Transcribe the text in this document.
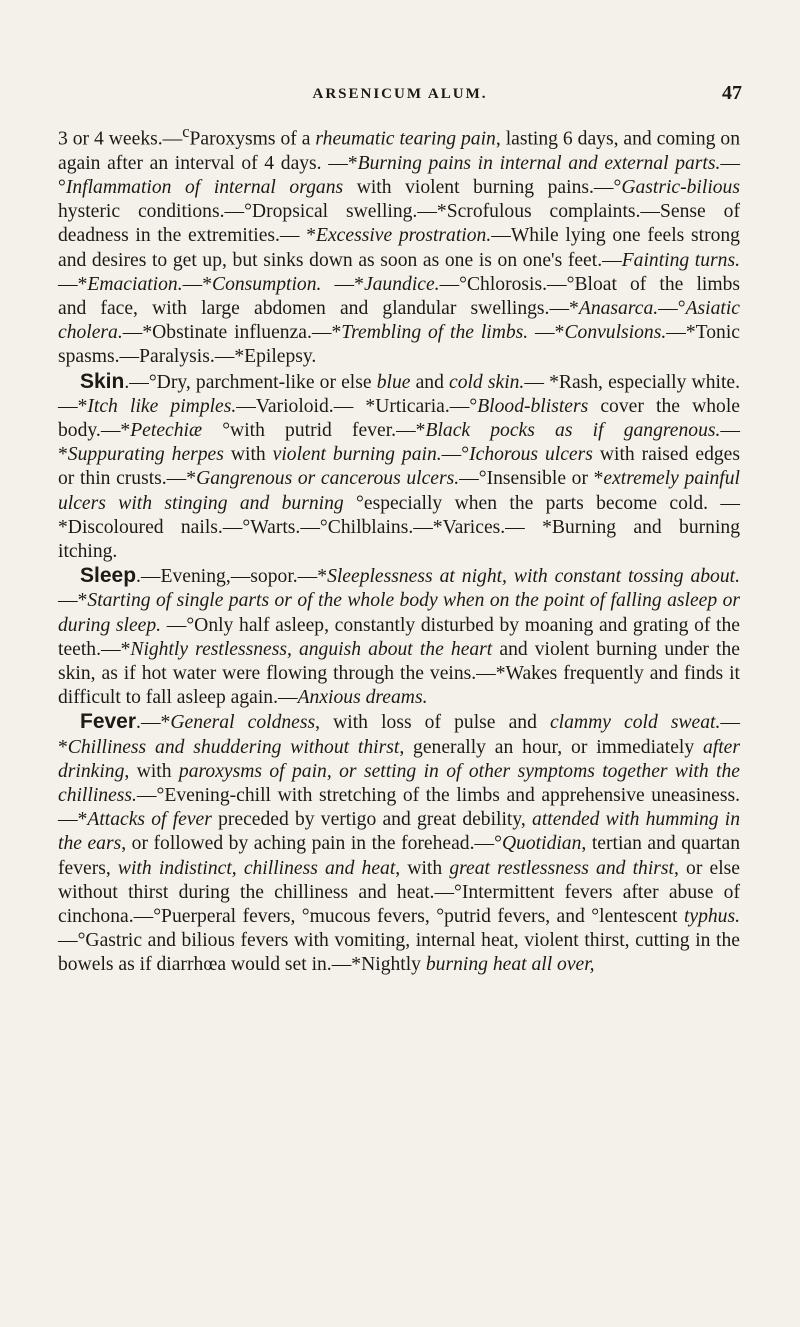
ARSENICUM ALUM.	47

3 or 4 weeks.—$^c$Paroxysms of a rheumatic tearing pain, lasting 6 days, and coming on again after an interval of 4 days. —*Burning pains in internal and external parts.—°Inflammation of internal organs with violent burning pains.—°Gastric-bilious hysteric conditions.—°Dropsical swelling.—*Scrofulous complaints.—Sense of deadness in the extremities.— *Excessive prostration.—While lying one feels strong and desires to get up, but sinks down as soon as one is on one's feet.—Fainting turns.—*Emaciation.—*Consumption. —*Jaundice.—°Chlorosis.—°Bloat of the limbs and face, with large abdomen and glandular swellings.—*Anasarca.—°Asiatic cholera.—*Obstinate influenza.—*Trembling of the limbs. —*Convulsions.—*Tonic spasms.—Paralysis.—*Epilepsy.

Skin.—°Dry, parchment-like or else blue and cold skin.— *Rash, especially white.—*Itch like pimples.—Varioloid.— *Urticaria.—°Blood-blisters cover the whole body.—*Petechiæ °with putrid fever.—*Black pocks as if gangrenous.— *Suppurating herpes with violent burning pain.—°Ichorous ulcers with raised edges or thin crusts.—*Gangrenous or cancerous ulcers.—°Insensible or *extremely painful ulcers with stinging and burning °especially when the parts become cold. —*Discoloured nails.—°Warts.—°Chilblains.—*Varices.— *Burning and burning itching.

Sleep.—Evening,—sopor.—*Sleeplessness at night, with constant tossing about.—*Starting of single parts or of the whole body when on the point of falling asleep or during sleep. —°Only half asleep, constantly disturbed by moaning and grating of the teeth.—*Nightly restlessness, anguish about the heart and violent burning under the skin, as if hot water were flowing through the veins.—*Wakes frequently and finds it difficult to fall asleep again.—Anxious dreams.

Fever.—*General coldness, with loss of pulse and clammy cold sweat.—*Chilliness and shuddering without thirst, generally an hour, or immediately after drinking, with paroxysms of pain, or setting in of other symptoms together with the chilliness.—°Evening-chill with stretching of the limbs and apprehensive uneasiness.—*Attacks of fever preceded by vertigo and great debility, attended with humming in the ears, or followed by aching pain in the forehead.—°Quotidian, tertian and quartan fevers, with indistinct, chilliness and heat, with great restlessness and thirst, or else without thirst during the chilliness and heat.—°Intermittent fevers after abuse of cinchona.—°Puerperal fevers, °mucous fevers, °putrid fevers, and °lentescent typhus.—°Gastric and bilious fevers with vomiting, internal heat, violent thirst, cutting in the bowels as if diarrhœa would set in.—*Nightly burning heat all over,
